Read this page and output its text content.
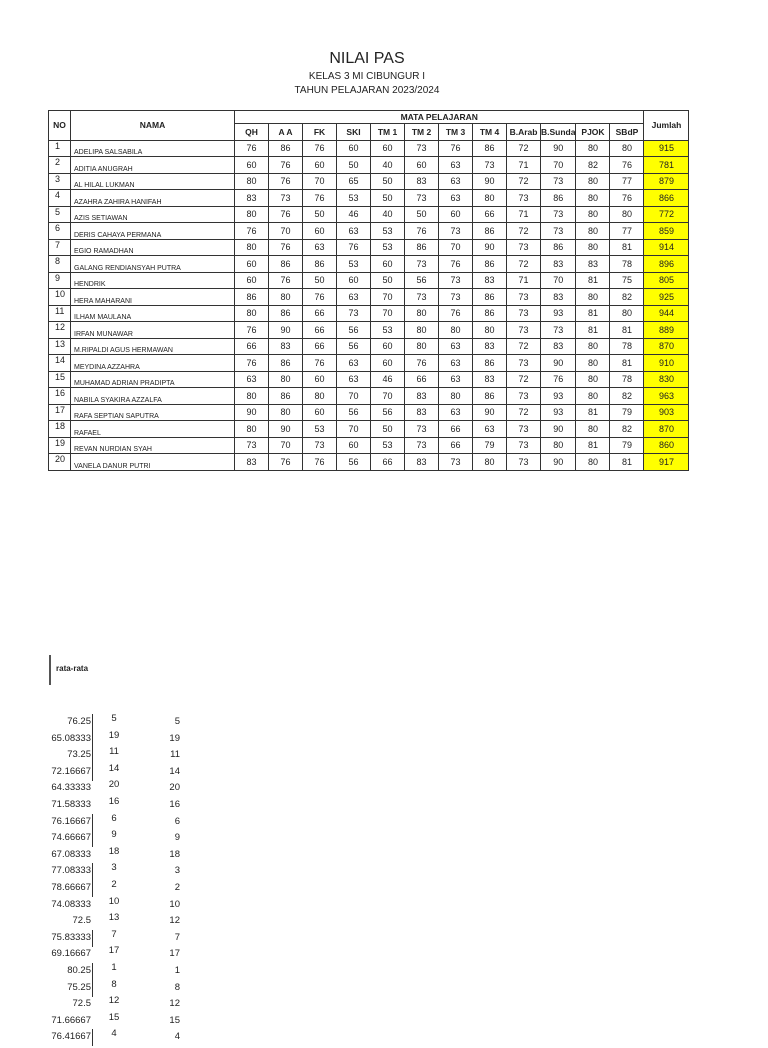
NILAI PAS
KELAS 3 MI CIBUNGUR I
TAHUN PELAJARAN 2023/2024
NO	NAMA	MATA PELAJARAN												Jumlah
		QH	A A	FK	SKI	TM 1	TM 2	TM 3	TM 4	B.Arab	B.Sunda	PJOK	SBdP	
1	ADELIPA SALSABILA	76	86	76	60	60	73	76	86	72	90	80	80	915
2	ADITIA ANUGRAH	60	76	60	50	40	60	63	73	71	70	82	76	781
3	AL HILAL LUKMAN	80	76	70	65	50	83	63	90	72	73	80	77	879
4	AZAHRA ZAHIRA HANIFAH	83	73	76	53	50	73	63	80	73	86	80	76	866
5	AZIS SETIAWAN	80	76	50	46	40	50	60	66	71	73	80	80	772
6	DERIS CAHAYA PERMANA	76	70	60	63	53	76	73	86	72	73	80	77	859
7	EGIO RAMADHAN	80	76	63	76	53	86	70	90	73	86	80	81	914
8	GALANG RENDIANSYAH PUTRA	60	86	86	53	60	73	76	86	72	83	83	78	896
9	HENDRIK	60	76	50	60	50	56	73	83	71	70	81	75	805
10	HERA MAHARANI	86	80	76	63	70	73	73	86	73	83	80	82	925
11	ILHAM MAULANA	80	86	66	73	70	80	76	86	73	93	81	80	944
12	IRFAN MUNAWAR	76	90	66	56	53	80	80	80	73	73	81	81	889
13	M.RIPALDI AGUS HERMAWAN	66	83	66	56	60	80	63	83	72	83	80	78	870
14	MEYDINA AZZAHRA	76	86	76	63	60	76	63	86	73	90	80	81	910
15	MUHAMAD ADRIAN PRADIPTA	63	80	60	63	46	66	63	83	72	76	80	78	830
16	NABILA SYAKIRA AZZALFA	80	86	80	70	70	83	80	86	73	93	80	82	963
17	RAFA SEPTIAN SAPUTRA	90	80	60	56	56	83	63	90	72	93	81	79	903
18	RAFAEL	80	90	53	70	50	73	66	63	73	90	80	82	870
19	REVAN NURDIAN SYAH	73	70	73	60	53	73	66	79	73	80	81	79	860
20	VANELA DANUR PUTRI	83	76	76	56	66	83	73	80	73	90	80	81	917
rata-rata
76.25	5	5
65.08333	19	19
73.25	11	11
72.16667	14	14
64.33333	20	20
71.58333	16	16
76.16667	6	6
74.66667	9	9
67.08333	18	18
77.08333	3	3
78.66667	2	2
74.08333	10	10
72.5	13	12
75.83333	7	7
69.16667	17	17
80.25	1	1
75.25	8	8
72.5	12	12
71.66667	15	15
76.41667	4	4
